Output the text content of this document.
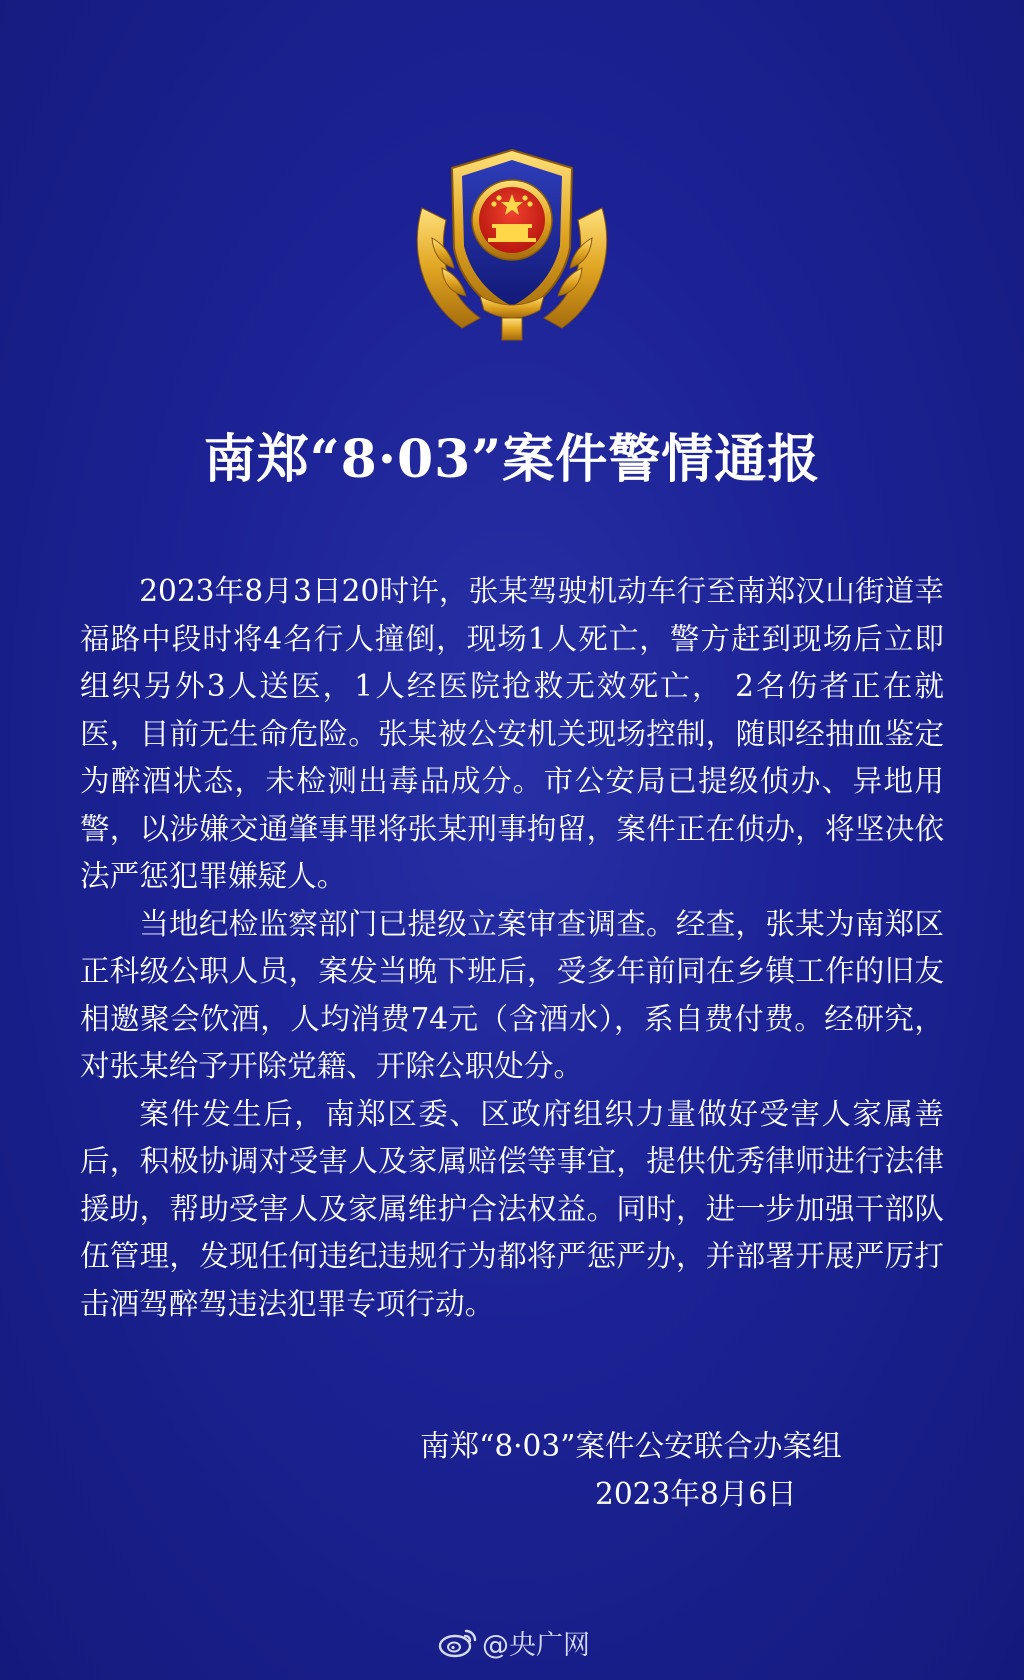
南郑“8·03”案件警情通报

2023年8月3日20时许，张某驾驶机动车行至南郑汉山街道幸福路中段时将4名行人撞倒，现场1人死亡，警方赶到现场后立即组织另外3人送医，1人经医院抢救无效死亡， 2名伤者正在就医，目前无生命危险。张某被公安机关现场控制，随即经抽血鉴定为醉酒状态，未检测出毒品成分。市公安局已提级侦办、异地用警，以涉嫌交通肇事罪将张某刑事拘留，案件正在侦办，将坚决依法严惩犯罪嫌疑人。

当地纪检监察部门已提级立案审查调查。经查，张某为南郑区正科级公职人员，案发当晚下班后，受多年前同在乡镇工作的旧友相邀聚会饮酒，人均消费74元（含酒水），系自费付费。经研究，对张某给予开除党籍、开除公职处分。

案件发生后，南郑区委、区政府组织力量做好受害人家属善后，积极协调对受害人及家属赔偿等事宜，提供优秀律师进行法律援助，帮助受害人及家属维护合法权益。同时，进一步加强干部队伍管理，发现任何违纪违规行为都将严惩严办，并部署开展严厉打击酒驾醉驾违法犯罪专项行动。

南郑“8·03”案件公安联合办案组
2023年8月6日
@央广网
